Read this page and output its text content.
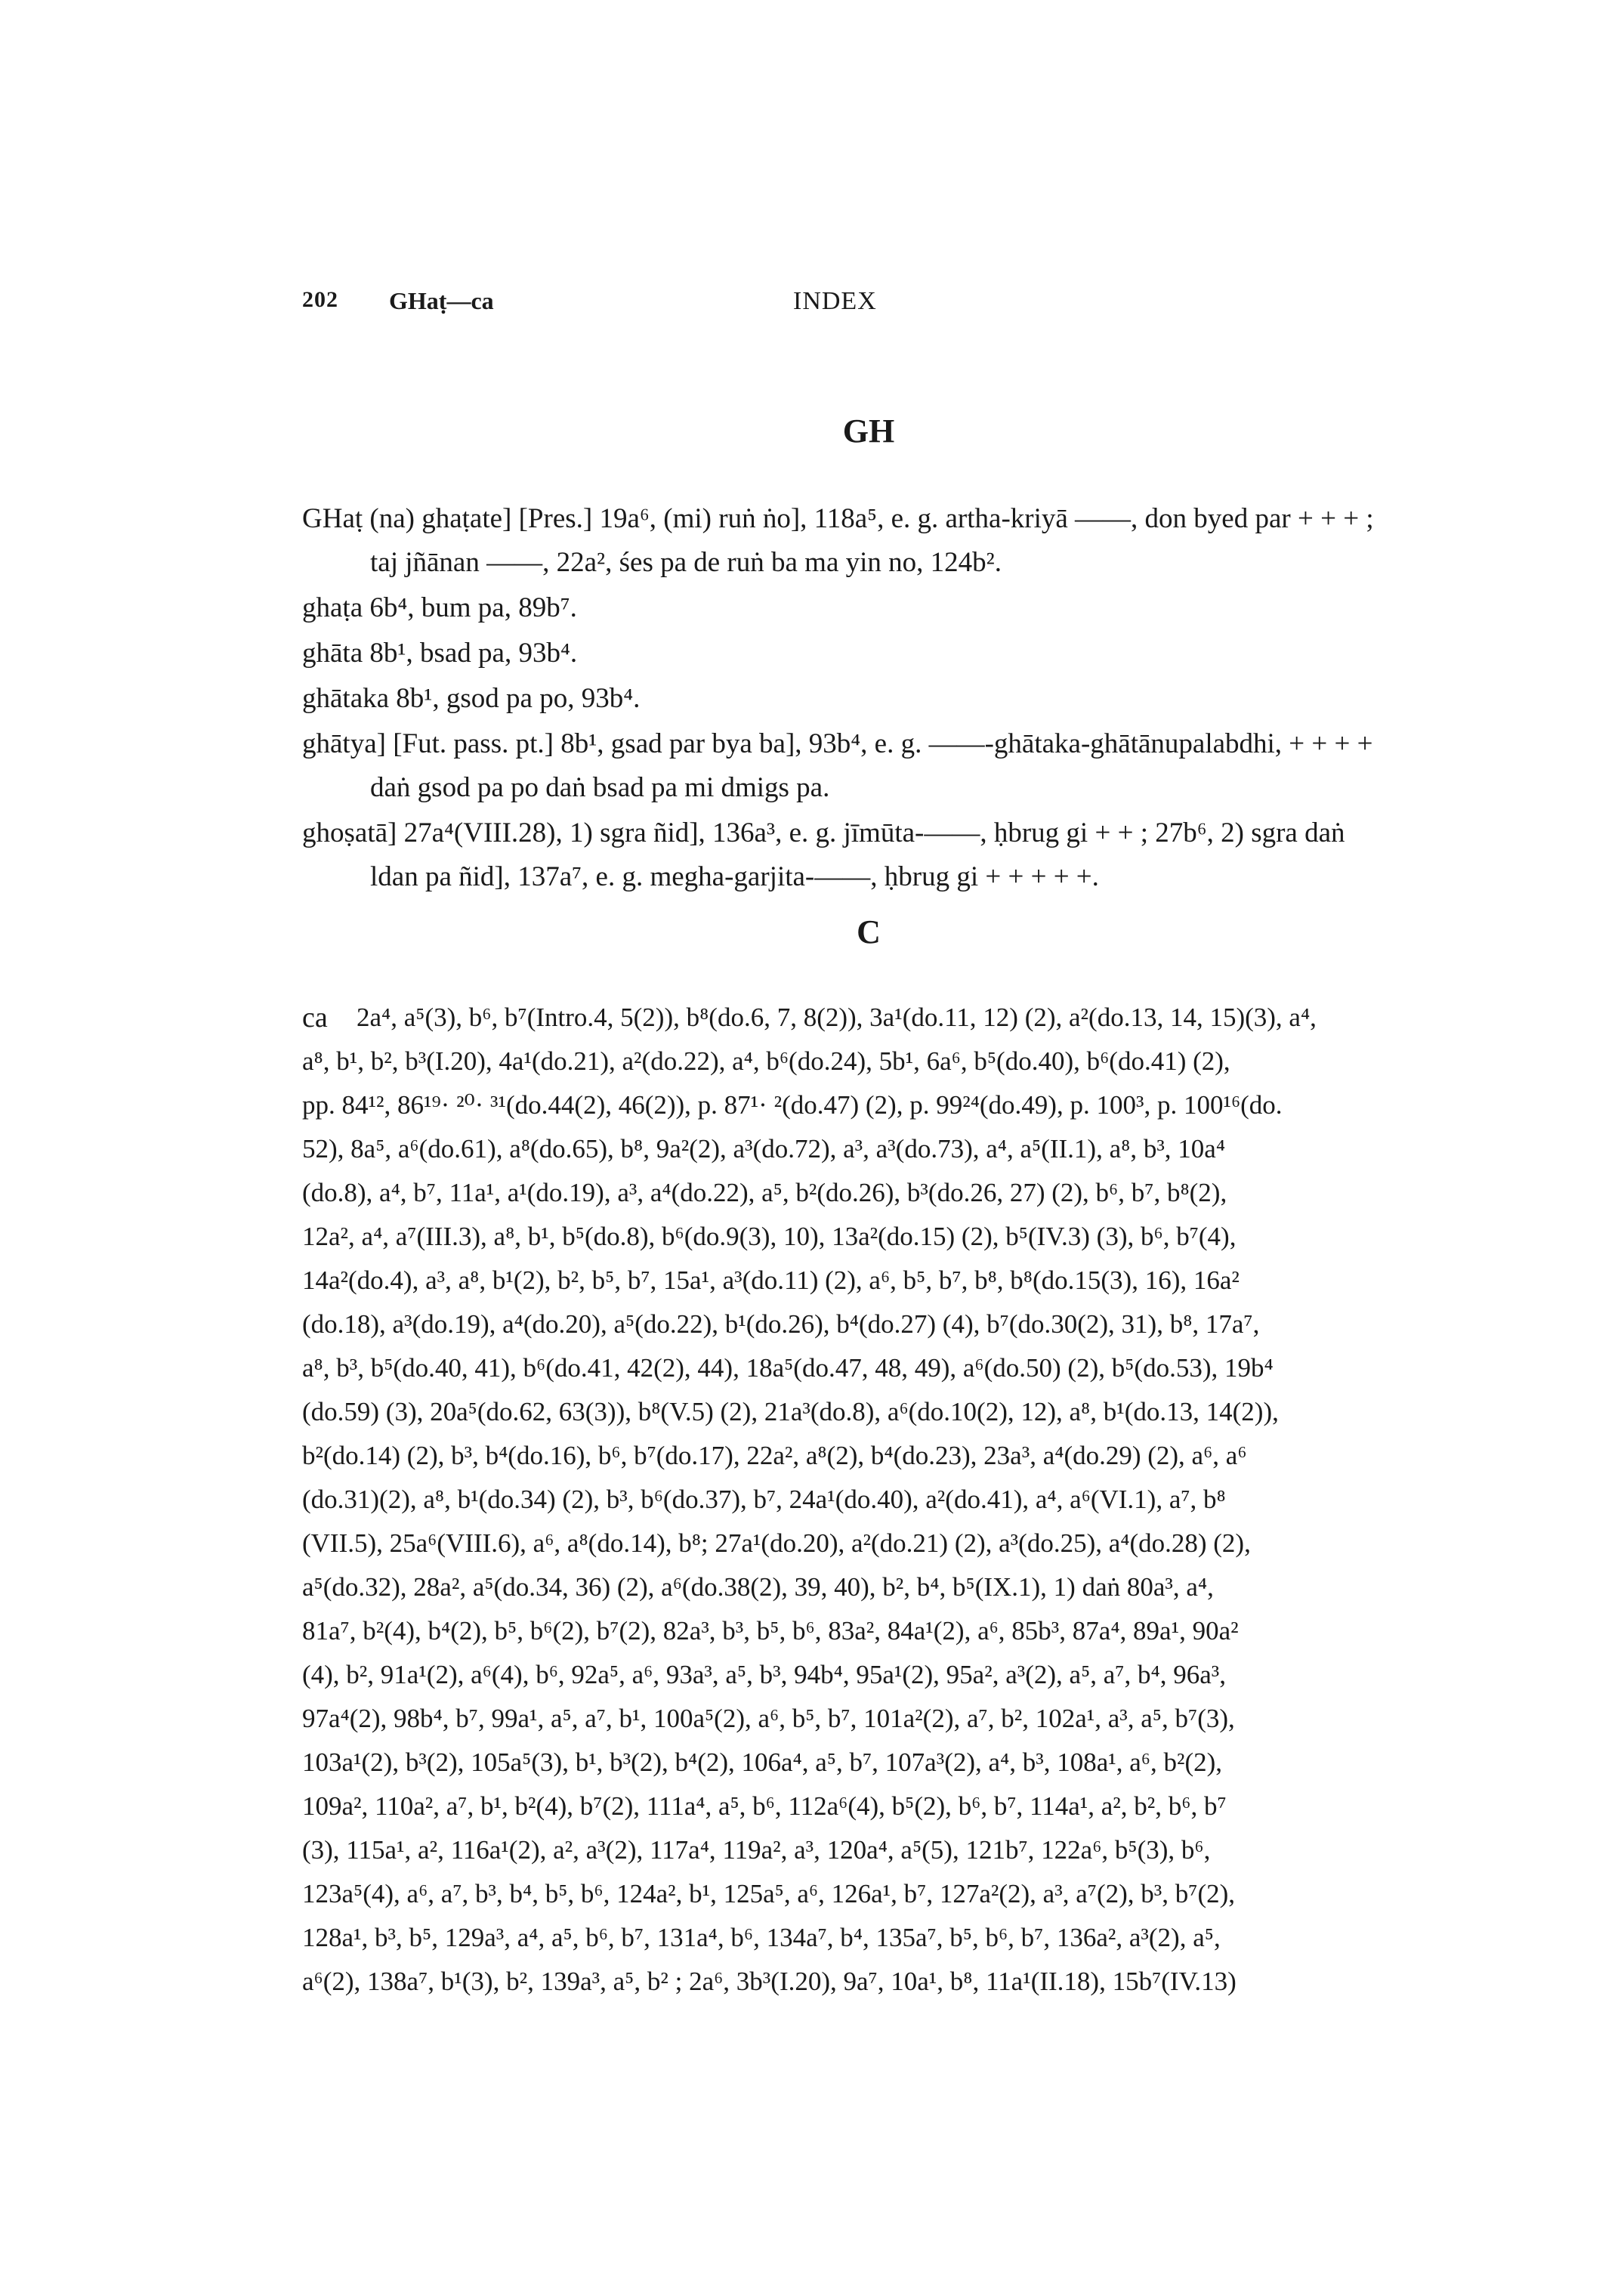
202 GHaṭ—ca	INDEX
GH

GHaṭ (na) ghaṭate] [Pres.] 19a⁶, (mi) ruṅ ṅo], 118a⁵, e. g. artha-kriyā ——, don byed par + + + ; taj jñānan ——, 22a², śes pa de ruṅ ba ma yin no, 124b².

ghaṭa 6b⁴, bum pa, 89b⁷.

ghāta 8b¹, bsad pa, 93b⁴.

ghātaka 8b¹, gsod pa po, 93b⁴.

ghātya] [Fut. pass. pt.] 8b¹, gsad par bya ba], 93b⁴, e. g. ——-ghātaka-ghātānupalabdhi, + + + + daṅ gsod pa po daṅ bsad pa mi dmigs pa.

ghoṣatā] 27a⁴(VIII.28), 1) sgra ñid], 136a³, e. g. jīmūta-——, ḥbrug gi + + ; 27b⁶, 2) sgra daṅ ldan pa ñid], 137a⁷, e. g. megha-garjita-——, ḥbrug gi + + + + +.

C
ca 2a⁴, a⁵(3), b⁶, b⁷(Intro.4, 5(2)), b⁸(do.6, 7, 8(2)), 3a¹(do.11, 12) (2), a²(do.13, 14, 15)(3), a⁴,

a⁸, b¹, b², b³(I.20), 4a¹(do.21), a²(do.22), a⁴, b⁶(do.24), 5b¹, 6a⁶, b⁵(do.40), b⁶(do.41) (2),

pp. 84¹², 86¹⁹· ²⁰· ³¹(do.44(2), 46(2)), p. 87¹· ²(do.47) (2), p. 99²⁴(do.49), p. 100³, p. 100¹⁶(do.

52), 8a⁵, a⁶(do.61), a⁸(do.65), b⁸, 9a²(2), a³(do.72), a³, a³(do.73), a⁴, a⁵(II.1), a⁸, b³, 10a⁴

(do.8), a⁴, b⁷, 11a¹, a¹(do.19), a³, a⁴(do.22), a⁵, b²(do.26), b³(do.26, 27) (2), b⁶, b⁷, b⁸(2),

12a², a⁴, a⁷(III.3), a⁸, b¹, b⁵(do.8), b⁶(do.9(3), 10), 13a²(do.15) (2), b⁵(IV.3) (3), b⁶, b⁷(4),

14a²(do.4), a³, a⁸, b¹(2), b², b⁵, b⁷, 15a¹, a³(do.11) (2), a⁶, b⁵, b⁷, b⁸, b⁸(do.15(3), 16), 16a²

(do.18), a³(do.19), a⁴(do.20), a⁵(do.22), b¹(do.26), b⁴(do.27) (4), b⁷(do.30(2), 31), b⁸, 17a⁷,

a⁸, b³, b⁵(do.40, 41), b⁶(do.41, 42(2), 44), 18a⁵(do.47, 48, 49), a⁶(do.50) (2), b⁵(do.53), 19b⁴

(do.59) (3), 20a⁵(do.62, 63(3)), b⁸(V.5) (2), 21a³(do.8), a⁶(do.10(2), 12), a⁸, b¹(do.13, 14(2)),

b²(do.14) (2), b³, b⁴(do.16), b⁶, b⁷(do.17), 22a², a⁸(2), b⁴(do.23), 23a³, a⁴(do.29) (2), a⁶, a⁶

(do.31)(2), a⁸, b¹(do.34) (2), b³, b⁶(do.37), b⁷, 24a¹(do.40), a²(do.41), a⁴, a⁶(VI.1), a⁷, b⁸

(VII.5), 25a⁶(VIII.6), a⁶, a⁸(do.14), b⁸; 27a¹(do.20), a²(do.21) (2), a³(do.25), a⁴(do.28) (2),

a⁵(do.32), 28a², a⁵(do.34, 36) (2), a⁶(do.38(2), 39, 40), b², b⁴, b⁵(IX.1), 1) daṅ 80a³, a⁴,

81a⁷, b²(4), b⁴(2), b⁵, b⁶(2), b⁷(2), 82a³, b³, b⁵, b⁶, 83a², 84a¹(2), a⁶, 85b³, 87a⁴, 89a¹, 90a²

(4), b², 91a¹(2), a⁶(4), b⁶, 92a⁵, a⁶, 93a³, a⁵, b³, 94b⁴, 95a¹(2), 95a², a³(2), a⁵, a⁷, b⁴, 96a³,

97a⁴(2), 98b⁴, b⁷, 99a¹, a⁵, a⁷, b¹, 100a⁵(2), a⁶, b⁵, b⁷, 101a²(2), a⁷, b², 102a¹, a³, a⁵, b⁷(3),

103a¹(2), b³(2), 105a⁵(3), b¹, b³(2), b⁴(2), 106a⁴, a⁵, b⁷, 107a³(2), a⁴, b³, 108a¹, a⁶, b²(2),

109a², 110a², a⁷, b¹, b²(4), b⁷(2), 111a⁴, a⁵, b⁶, 112a⁶(4), b⁵(2), b⁶, b⁷, 114a¹, a², b², b⁶, b⁷

(3), 115a¹, a², 116a¹(2), a², a³(2), 117a⁴, 119a², a³, 120a⁴, a⁵(5), 121b⁷, 122a⁶, b⁵(3), b⁶,

123a⁵(4), a⁶, a⁷, b³, b⁴, b⁵, b⁶, 124a², b¹, 125a⁵, a⁶, 126a¹, b⁷, 127a²(2), a³, a⁷(2), b³, b⁷(2),

128a¹, b³, b⁵, 129a³, a⁴, a⁵, b⁶, b⁷, 131a⁴, b⁶, 134a⁷, b⁴, 135a⁷, b⁵, b⁶, b⁷, 136a², a³(2), a⁵,

a⁶(2), 138a⁷, b¹(3), b², 139a³, a⁵, b² ; 2a⁶, 3b³(I.20), 9a⁷, 10a¹, b⁸, 11a¹(II.18), 15b⁷(IV.13)
